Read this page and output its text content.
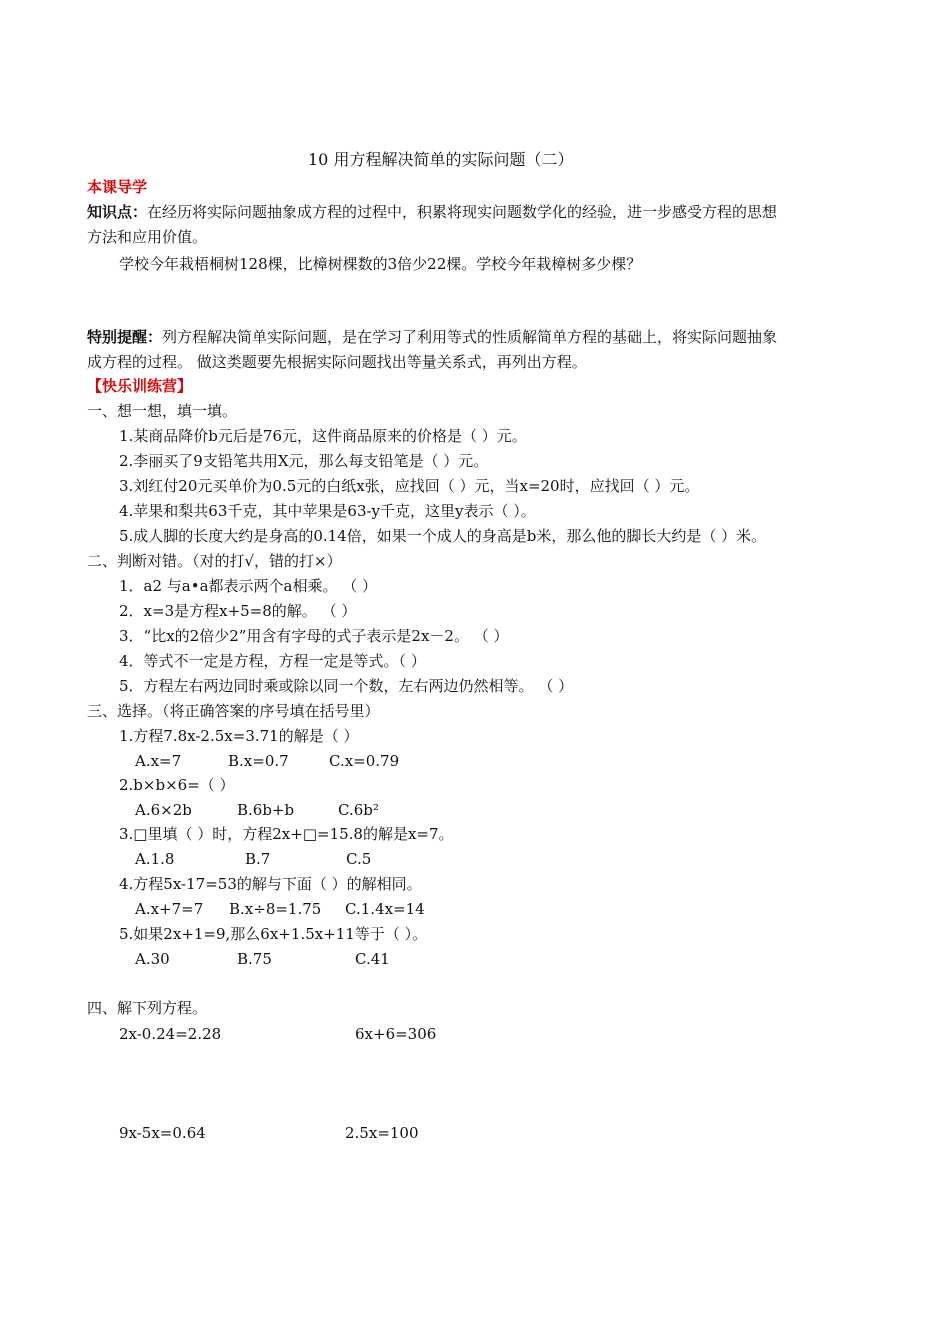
10 用方程解决简单的实际问题（二）
本课导学
知识点：在经历将实际问题抽象成方程的过程中，积累将现实问题数学化的经验，进一步感受方程的思想
方法和应用价值。
学校今年栽梧桐树128棵，比樟树棵数的3倍少22棵。学校今年栽樟树多少棵？
特别提醒：列方程解决简单实际问题，是在学习了利用等式的性质解简单方程的基础上，将实际问题抽象
成方程的过程。 做这类题要先根据实际问题找出等量关系式，再列出方程。
【快乐训练营】
一、想一想，填一填。
1.某商品降价b元后是76元，这件商品原来的价格是（ ）元。
2.李丽买了9支铅笔共用X元，那么每支铅笔是（ ）元。
3.刘红付20元买单价为0.5元的白纸x张，应找回（ ）元，当x=20时，应找回（ ）元。
4.苹果和梨共63千克，其中苹果是63-y千克，这里y表示（ ）。
5.成人脚的长度大约是身高的0.14倍，如果一个成人的身高是b米，那么他的脚长大约是（ ）米。
二、判断对错。（对的打√，错的打×）
1．a2 与a•a都表示两个a相乘。 （ ）
2．x=3是方程x+5=8的解。 （ ）
3．“比x的2倍少2”用含有字母的式子表示是2x－2。 （ ）
4．等式不一定是方程，方程一定是等式。（ ）
5．方程左右两边同时乘或除以同一个数，左右两边仍然相等。 （ ）
三、选择。（将正确答案的序号填在括号里）
1.方程7.8x-2.5x=3.71的解是（ ）
A.x=7	B.x=0.7	C.x=0.79
2.b×b×6=（ ）
A.6×2b	B.6b+b	C.6b²
3.□里填（ ）时，方程2x+□=15.8的解是x=7。
A.1.8	B.7	C.5
4.方程5x-17=53的解与下面（ ）的解相同。
A.x+7=7 B.x÷8=1.75 C.1.4x=14
5.如果2x+1=9,那么6x+1.5x+11等于（ ）。
A.30	B.75	C.41
四、解下列方程。
2x-0.24=2.28	6x+6=306
9x-5x=0.64	2.5x=100
